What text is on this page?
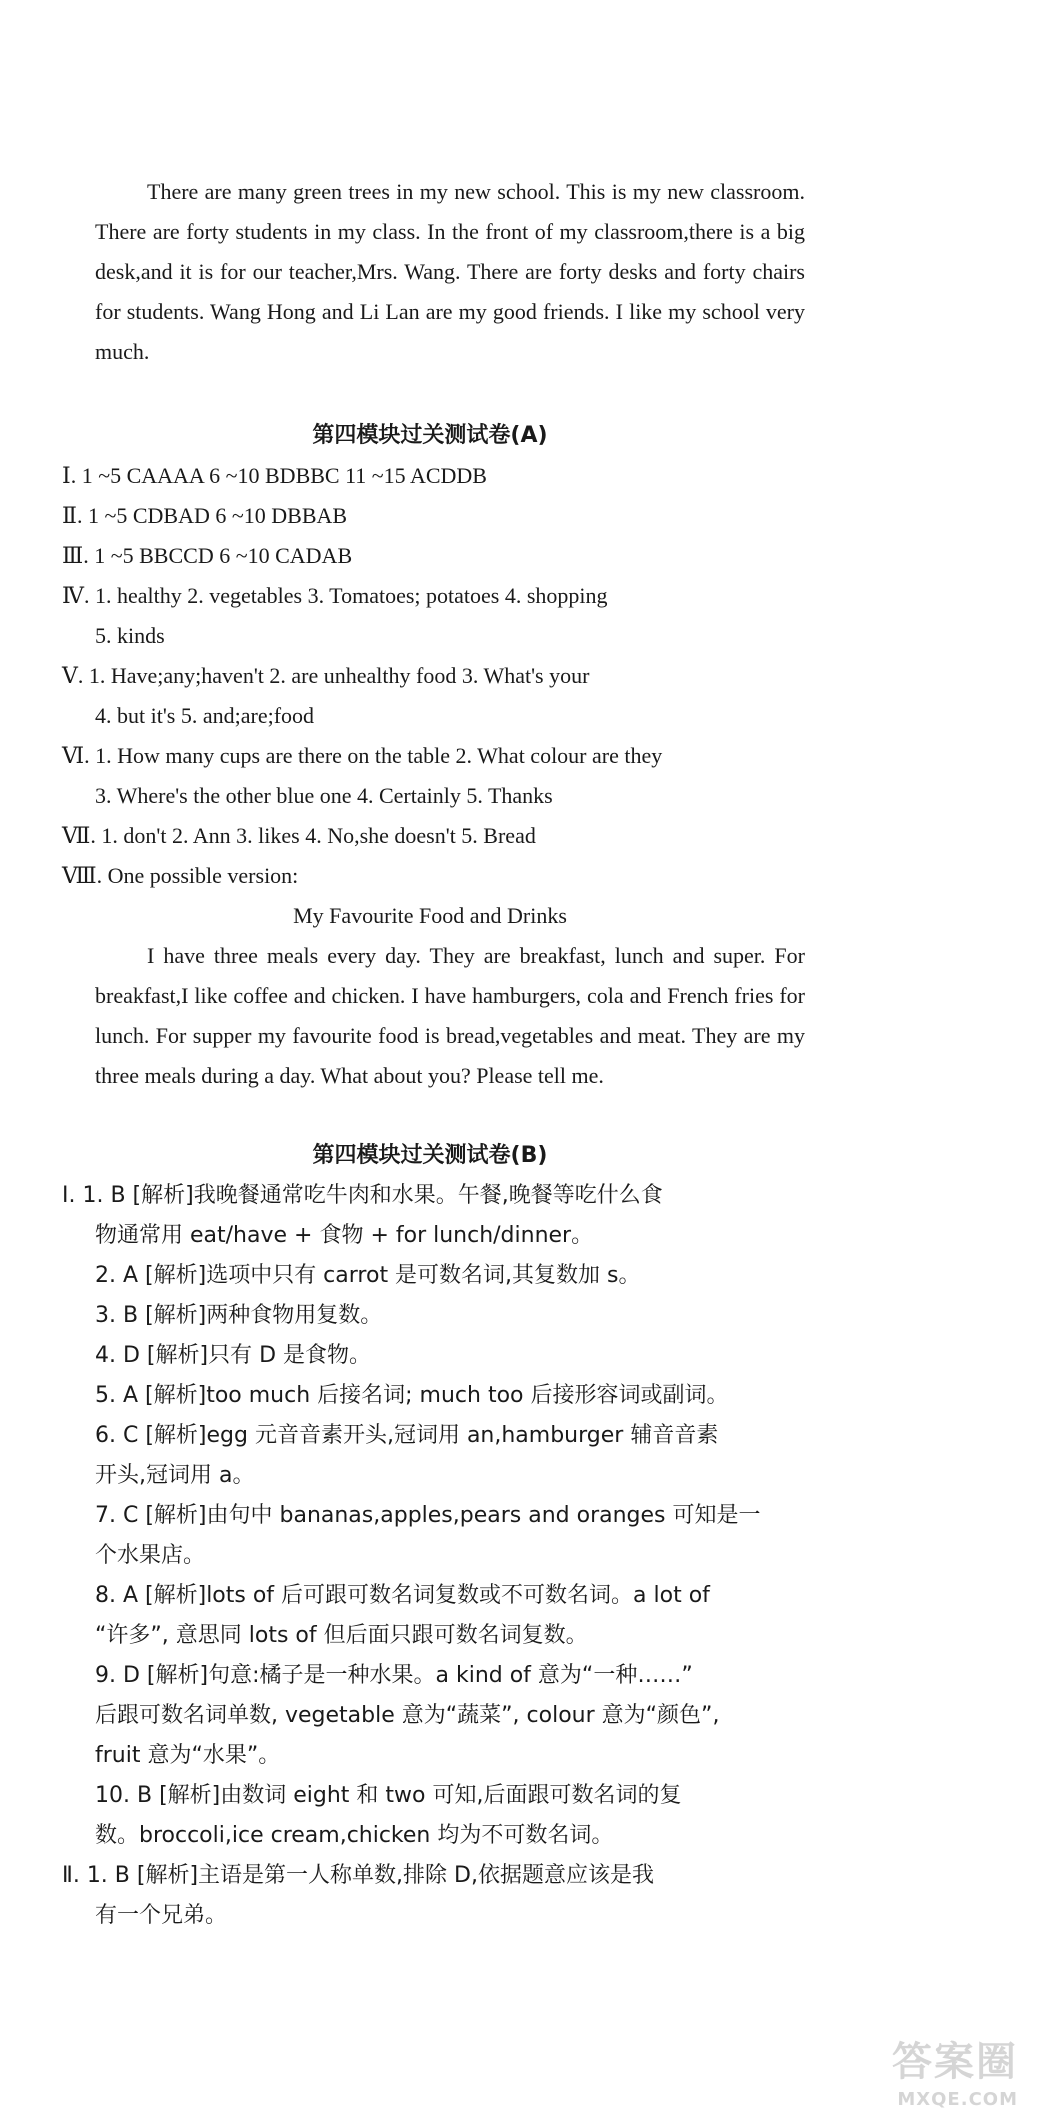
There are many green trees in my new school. This is my new classroom. There are forty students in my class. In the front of my classroom,there is a big desk,and it is for our teacher,Mrs. Wang. There are forty desks and forty chairs for students. Wang Hong and Li Lan are my good friends. I like my school very much.
第四模块过关测试卷(A)
Ⅰ. 1 ~5 CAAAA 6 ~10 BDBBC 11 ~15 ACDDB
Ⅱ. 1 ~5 CDBAD 6 ~10 DBBAB
Ⅲ. 1 ~5 BBCCD 6 ~10 CADAB
Ⅳ. 1. healthy 2. vegetables 3. Tomatoes; potatoes 4. shopping
5. kinds
Ⅴ. 1. Have;any;haven't 2. are unhealthy food 3. What's your
4. but it's 5. and;are;food
Ⅵ. 1. How many cups are there on the table 2. What colour are they
3. Where's the other blue one 4. Certainly 5. Thanks
Ⅶ. 1. don't 2. Ann 3. likes 4. No,she doesn't 5. Bread
Ⅷ. One possible version:
My Favourite Food and Drinks
I have three meals every day. They are breakfast, lunch and super. For breakfast,I like coffee and chicken. I have hamburgers, cola and French fries for lunch. For supper my favourite food is bread,vegetables and meat. They are my three meals during a day. What about you? Please tell me.
第四模块过关测试卷(B)
Ⅰ. 1. B [解析]我晚餐通常吃牛肉和水果。午餐,晚餐等吃什么食
物通常用 eat/have + 食物 + for lunch/dinner。
2. A [解析]选项中只有 carrot 是可数名词,其复数加 s。
3. B [解析]两种食物用复数。
4. D [解析]只有 D 是食物。
5. A [解析]too much 后接名词; much too 后接形容词或副词。
6. C [解析]egg 元音音素开头,冠词用 an,hamburger 辅音音素
开头,冠词用 a。
7. C [解析]由句中 bananas,apples,pears and oranges 可知是一
个水果店。
8. A [解析]lots of 后可跟可数名词复数或不可数名词。a lot of
“许多”, 意思同 lots of 但后面只跟可数名词复数。
9. D [解析]句意:橘子是一种水果。a kind of 意为“一种……”
后跟可数名词单数, vegetable 意为“蔬菜”, colour 意为“颜色”,
fruit 意为“水果”。
10. B [解析]由数词 eight 和 two 可知,后面跟可数名词的复
数。broccoli,ice cream,chicken 均为不可数名词。
Ⅱ. 1. B [解析]主语是第一人称单数,排除 D,依据题意应该是我
有一个兄弟。
答案圈
MXQE.COM
